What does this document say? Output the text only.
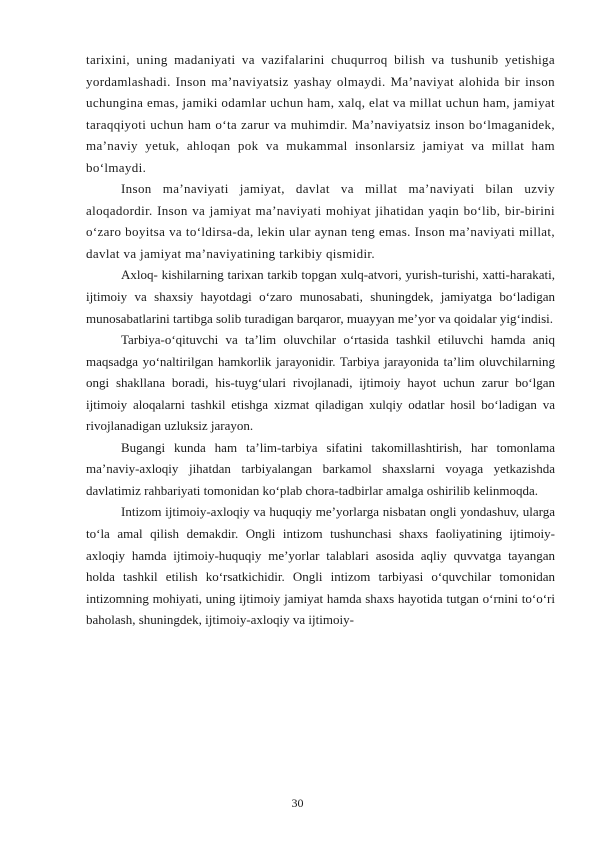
tarixini, uning madaniyati va vazifalarini chuqurroq bilish va tushunib yetishiga yordamlashadi. Inson ma’naviyatsiz yashay olmaydi. Ma’naviyat alohida bir inson uchungina emas, jamiki odamlar uchun ham, xalq, elat va millat uchun ham, jamiyat taraqqiyoti uchun ham o‘ta zarur va muhimdir. Ma’naviyatsiz inson bo‘lmaganidek, ma’naviy yetuk, ahloqan pok va mukammal insonlarsiz jamiyat va millat ham bo‘lmaydi.

Inson ma’naviyati jamiyat, davlat va millat ma’naviyati bilan uzviy aloqadordir. Inson va jamiyat ma’naviyati mohiyat jihatidan yaqin bo‘lib, bir-birini o‘zaro boyitsa va to‘ldirsa-da, lekin ular aynan teng emas. Inson ma’naviyati millat, davlat va jamiyat ma’naviyatining tarkibiy qismidir.

Axloq- kishilarning tarixan tarkib topgan xulq-atvori, yurish-turishi, xatti-harakati, ijtimoiy va shaxsiy hayotdagi o‘zaro munosabati, shuningdek, jamiyatga bo‘ladigan munosabatlarini tartibga solib turadigan barqaror, muayyan me’yor va qoidalar yig‘indisi.

Tarbiya-o‘qituvchi va ta’lim oluvchilar o‘rtasida tashkil etiluvchi hamda aniq maqsadga yo‘naltirilgan hamkorlik jarayonidir. Tarbiya jarayonida ta’lim oluvchilarning ongi shakllana boradi, his-tuyg‘ulari rivojlanadi, ijtimoiy hayot uchun zarur bo‘lgan ijtimoiy aloqalarni tashkil etishga xizmat qiladigan xulqiy odatlar hosil bo‘ladigan va rivojlanadigan uzluksiz jarayon.

Bugangi kunda ham ta’lim-tarbiya sifatini takomillashtirish, har tomonlama ma’naviy-axloqiy jihatdan tarbiyalangan barkamol shaxslarni voyaga yetkazishda davlatimiz rahbariyati tomonidan ko‘plab chora-tadbirlar amalga oshirilib kelinmoqda.

Intizom ijtimoiy-axloqiy va huquqiy me’yorlarga nisbatan ongli yondashuv, ularga to‘la amal qilish demakdir. Ongli intizom tushunchasi shaxs faoliyatining ijtimoiy-axloqiy hamda ijtimoiy-huquqiy me’yorlar talablari asosida aqliy quvvatga tayangan holda tashkil etilish ko‘rsatkichidir. Ongli intizom tarbiyasi o‘quvchilar tomonidan intizomning mohiyati, uning ijtimoiy jamiyat hamda shaxs hayotida tutgan o‘rnini to‘o‘ri baholash, shuningdek, ijtimoiy-axloqiy va ijtimoiy-

30
